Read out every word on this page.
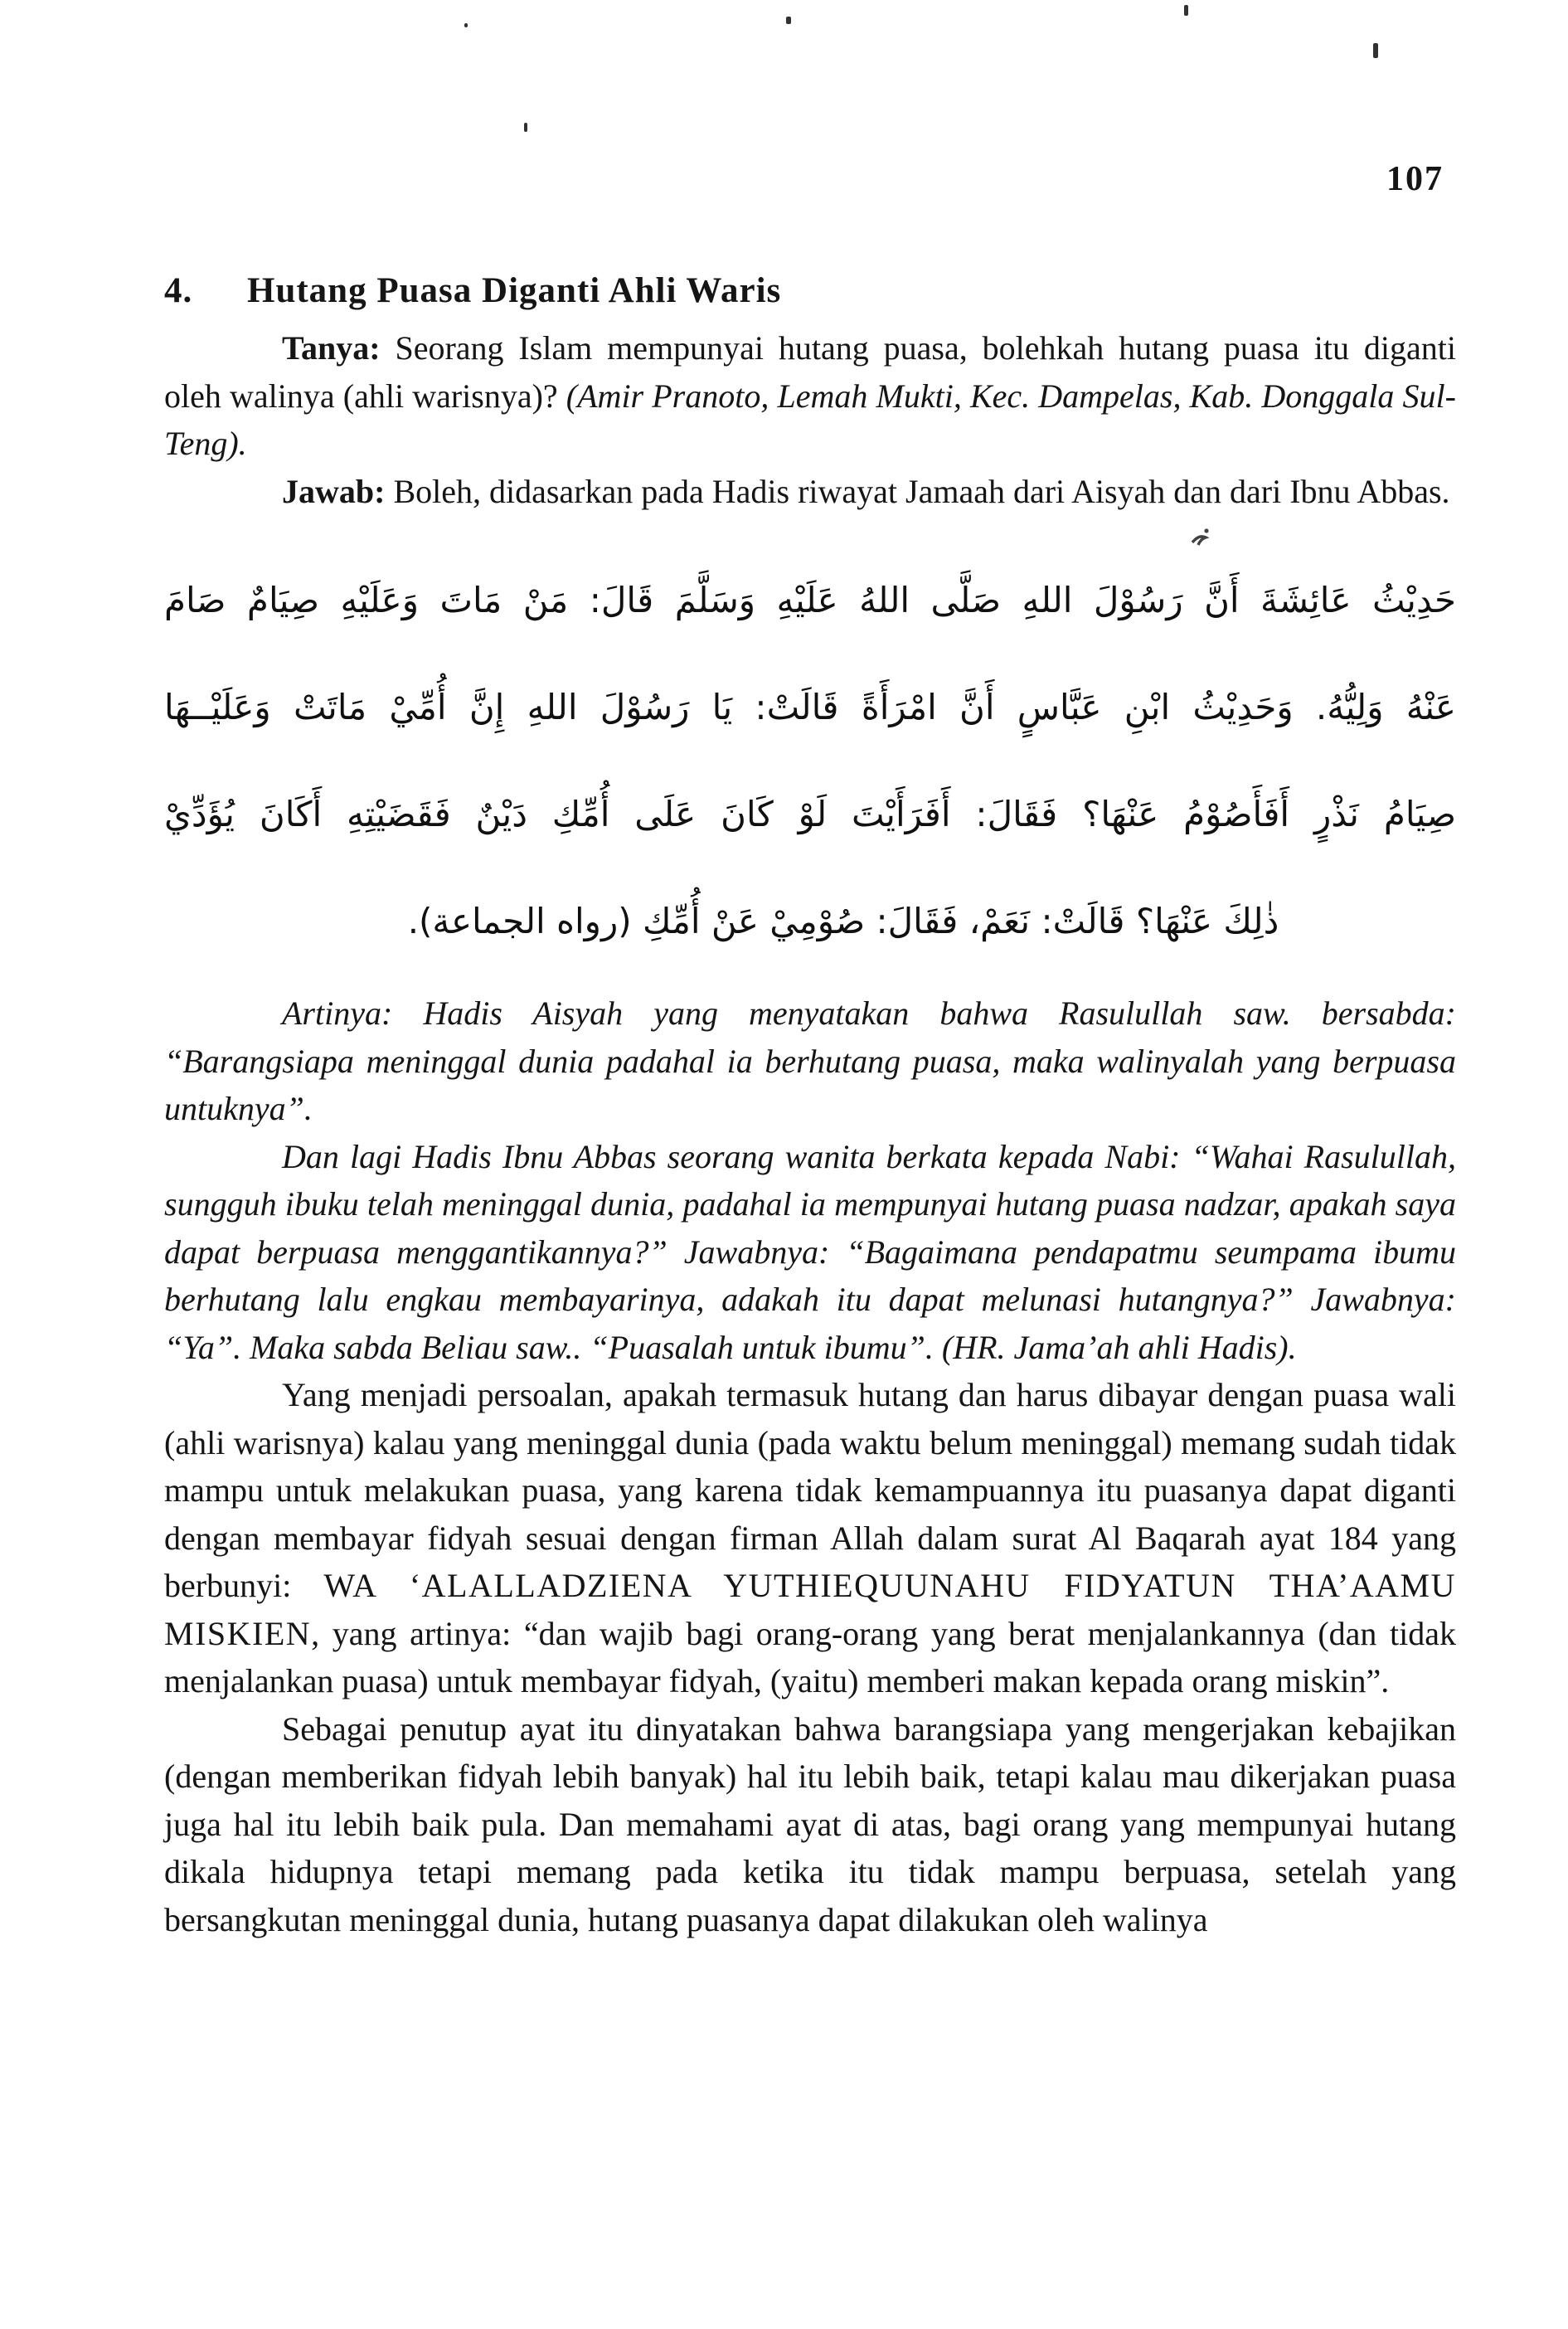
107
4.	Hutang Puasa Diganti Ahli Waris

Tanya: Seorang Islam mempunyai hutang puasa, bolehkah hutang puasa itu diganti oleh walinya (ahli warisnya)? (Amir Pranoto, Lemah Mukti, Kec. Dampelas, Kab. Donggala Sul-Teng).

Jawab: Boleh, didasarkan pada Hadis riwayat Jamaah dari Aisyah dan dari Ibnu Abbas.

حَدِيْثُ عَائِشَةَ أَنَّ رَسُوْلَ اللهِ صَلَّى اللهُ عَلَيْهِ وَسَلَّمَ قَالَ: مَنْ مَاتَ وَعَلَيْهِ صِيَامٌ صَامَ
عَنْهُ وَلِيُّهُ. وَحَدِيْثُ ابْنِ عَبَّاسٍ أَنَّ امْرَأَةً قَالَتْ: يَا رَسُوْلَ اللهِ إِنَّ أُمِّيْ مَاتَتْ وَعَلَيْــهَا
صِيَامُ نَذْرٍ أَفَأَصُوْمُ عَنْهَا؟ فَقَالَ: أَفَرَأَيْتَ لَوْ كَانَ عَلَى أُمِّكِ دَيْنٌ فَقَضَيْتِهِ أَكَانَ يُؤَدِّيْ
ذٰلِكَ عَنْهَا؟ قَالَتْ: نَعَمْ، فَقَالَ: صُوْمِيْ عَنْ أُمِّكِ (رواه الجماعة).

Artinya: Hadis Aisyah yang menyatakan bahwa Rasulullah saw. bersabda: “Barangsiapa meninggal dunia padahal ia berhutang puasa, maka walinyalah yang berpuasa untuknya”.

Dan lagi Hadis Ibnu Abbas seorang wanita berkata kepada Nabi: “Wahai Rasulullah, sungguh ibuku telah meninggal dunia, padahal ia mempunyai hutang puasa nadzar, apakah saya dapat berpuasa menggantikannya?” Jawabnya: “Bagaimana pendapatmu seumpama ibumu berhutang lalu engkau membayarinya, adakah itu dapat melunasi hutangnya?” Jawabnya: “Ya”. Maka sabda Beliau saw.. “Puasalah untuk ibumu”. (HR. Jama’ah ahli Hadis).

Yang menjadi persoalan, apakah termasuk hutang dan harus dibayar dengan puasa wali (ahli warisnya) kalau yang meninggal dunia (pada waktu belum meninggal) memang sudah tidak mampu untuk melakukan puasa, yang karena tidak kemampuannya itu puasanya dapat diganti dengan membayar fidyah sesuai dengan firman Allah dalam surat Al Baqarah ayat 184 yang berbunyi: WA ‘ALALLADZIENA YUTHIEQUUNAHU FIDYATUN THA’AAMU MISKIEN, yang artinya: “dan wajib bagi orang-orang yang berat menjalankannya (dan tidak menjalankan puasa) untuk membayar fidyah, (yaitu) memberi makan kepada orang miskin”.

Sebagai penutup ayat itu dinyatakan bahwa barangsiapa yang mengerjakan kebajikan (dengan memberikan fidyah lebih banyak) hal itu lebih baik, tetapi kalau mau dikerjakan puasa juga hal itu lebih baik pula. Dan memahami ayat di atas, bagi orang yang mempunyai hutang dikala hidupnya tetapi memang pada ketika itu tidak mampu berpuasa, setelah yang bersangkutan meninggal dunia, hutang puasanya dapat dilakukan oleh walinya
